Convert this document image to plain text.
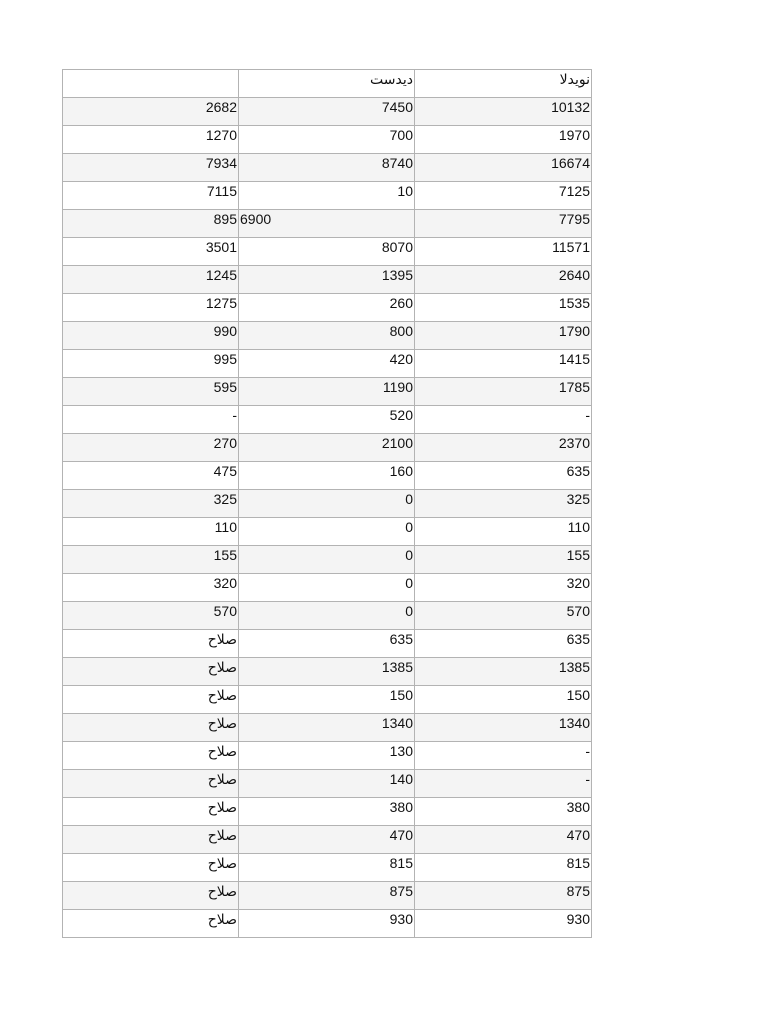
	ديدست	نويدلا
2682	7450	10132
1270	700	1970
7934	8740	16674
7115	10	7125
895	6900	7795
3501	8070	11571
1245	1395	2640
1275	260	1535
990	800	1790
995	420	1415
595	1190	1785
-	520	-
270	2100	2370
475	160	635
325	0	325
110	0	110
155	0	155
320	0	320
570	0	570
صلاح	635	635
صلاح	1385	1385
صلاح	150	150
صلاح	1340	1340
صلاح	130	-
صلاح	140	-
صلاح	380	380
صلاح	470	470
صلاح	815	815
صلاح	875	875
صلاح	930	930
